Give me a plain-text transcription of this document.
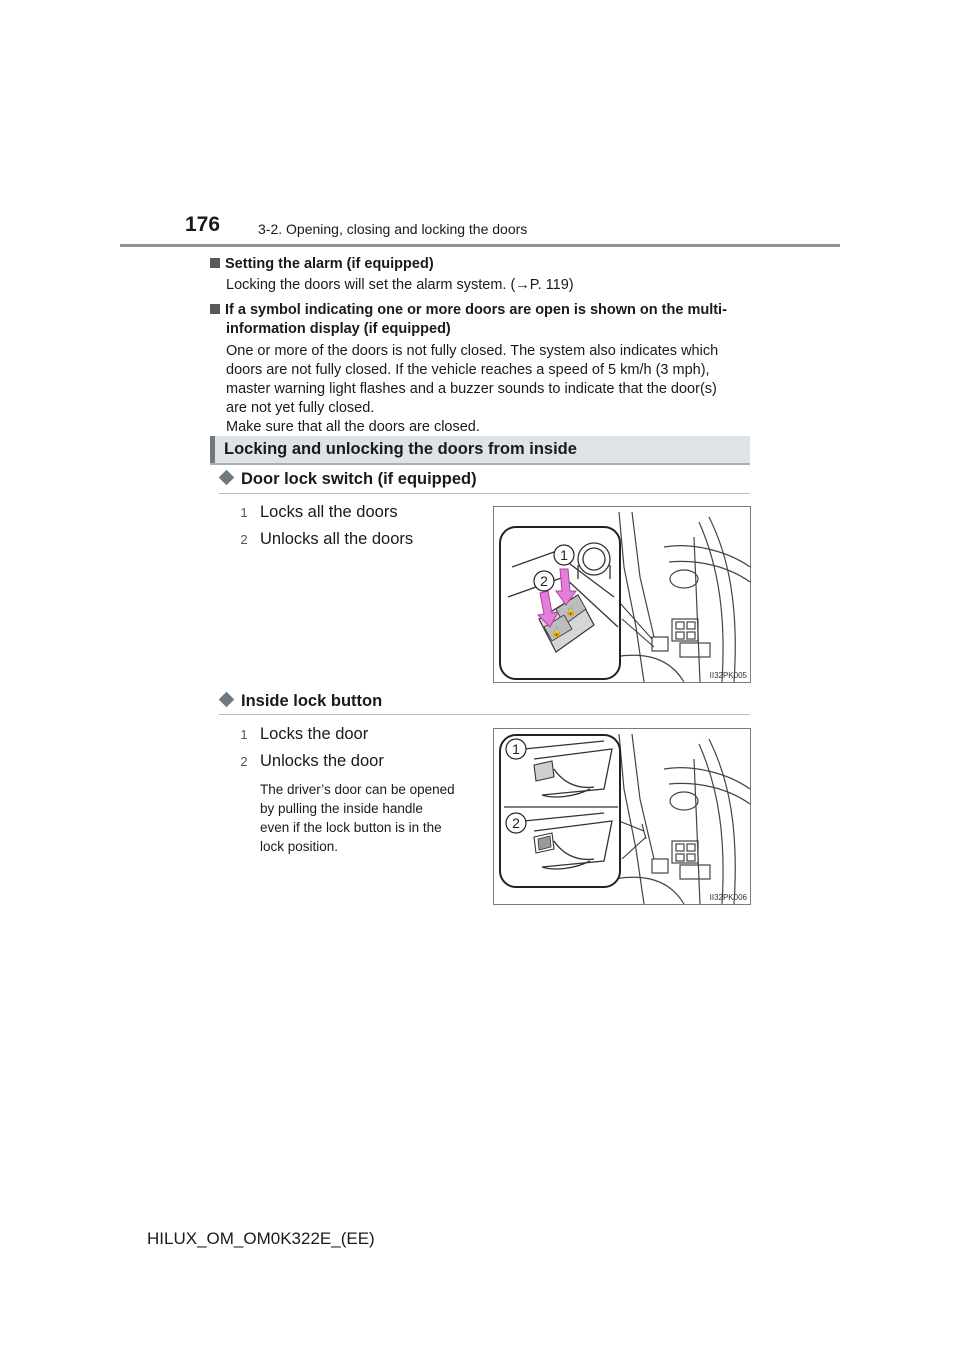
176	3-2. Opening, closing and locking the doors
Setting the alarm (if equipped)
Locking the doors will set the alarm system. (→P. 119)
If a symbol indicating one or more doors are open is shown on the multi-
information display (if equipped)
One or more of the doors is not fully closed. The system also indicates which
doors are not fully closed. If the vehicle reaches a speed of 5 km/h (3 mph),
master warning light flashes and a buzzer sounds to indicate that the door(s)
are not yet fully closed.
Make sure that all the doors are closed.
Locking and unlocking the doors from inside
Door lock switch (if equipped)
1 Locks all the doors
2 Unlocks all the doors
🔒
🔓
1
2
II32PK005
Inside lock button
1 Locks the door
2 Unlocks the door
The driver’s door can be opened
by pulling the inside handle
even if the lock button is in the
lock position.
1
2
II32PK006
HILUX_OM_OM0K322E_(EE)
